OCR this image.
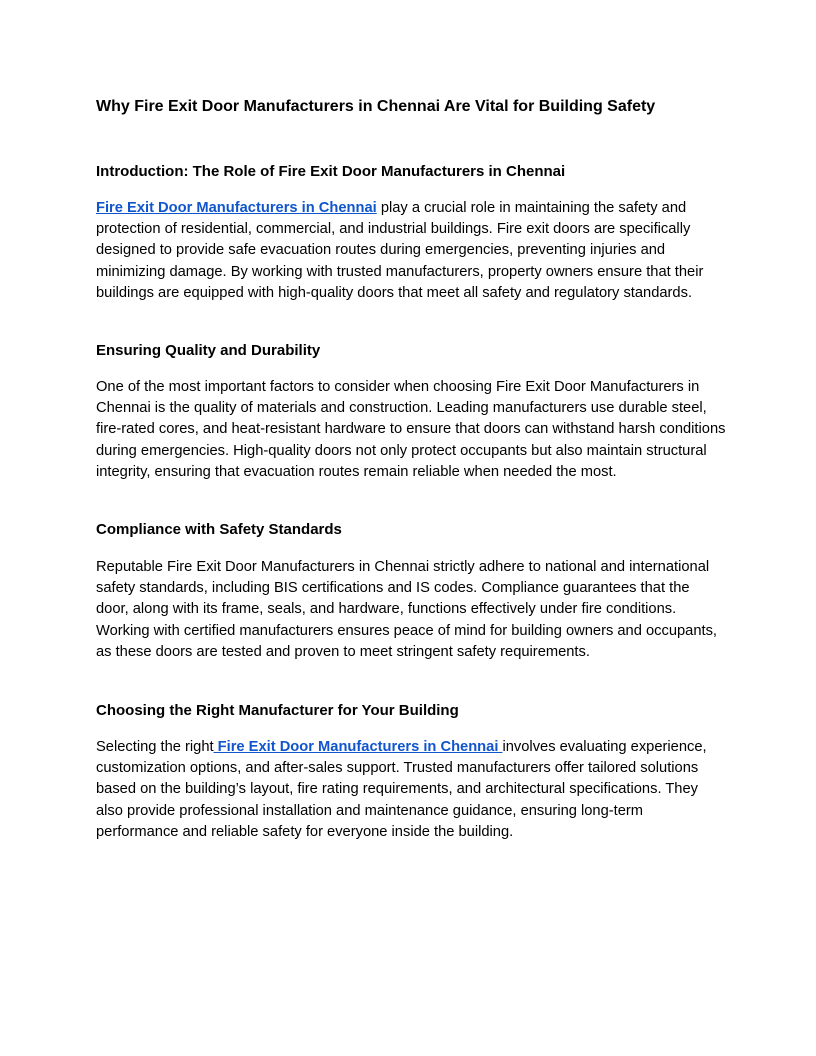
Why Fire Exit Door Manufacturers in Chennai Are Vital for Building Safety
Introduction: The Role of Fire Exit Door Manufacturers in Chennai

Fire Exit Door Manufacturers in Chennai play a crucial role in maintaining the safety and protection of residential, commercial, and industrial buildings. Fire exit doors are specifically designed to provide safe evacuation routes during emergencies, preventing injuries and minimizing damage. By working with trusted manufacturers, property owners ensure that their buildings are equipped with high-quality doors that meet all safety and regulatory standards.

Ensuring Quality and Durability

One of the most important factors to consider when choosing Fire Exit Door Manufacturers in Chennai is the quality of materials and construction. Leading manufacturers use durable steel, fire-rated cores, and heat-resistant hardware to ensure that doors can withstand harsh conditions during emergencies. High-quality doors not only protect occupants but also maintain structural integrity, ensuring that evacuation routes remain reliable when needed the most.

Compliance with Safety Standards

Reputable Fire Exit Door Manufacturers in Chennai strictly adhere to national and international safety standards, including BIS certifications and IS codes. Compliance guarantees that the door, along with its frame, seals, and hardware, functions effectively under fire conditions. Working with certified manufacturers ensures peace of mind for building owners and occupants, as these doors are tested and proven to meet stringent safety requirements.

Choosing the Right Manufacturer for Your Building

Selecting the right Fire Exit Door Manufacturers in Chennai involves evaluating experience, customization options, and after-sales support. Trusted manufacturers offer tailored solutions based on the building’s layout, fire rating requirements, and architectural specifications. They also provide professional installation and maintenance guidance, ensuring long-term performance and reliable safety for everyone inside the building.
